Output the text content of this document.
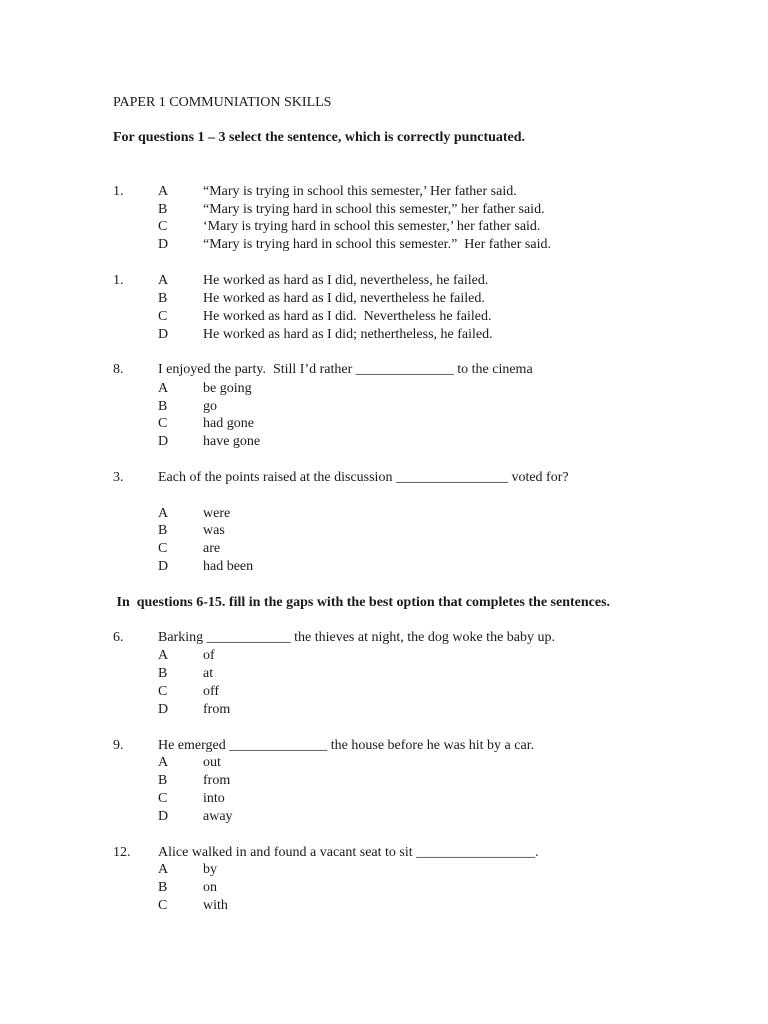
PAPER 1 COMMUNIATION SKILLS
For questions 1 – 3 select the sentence, which is correctly punctuated.
1. A “Mary is trying in school this semester,’ Her father said.
B	“Mary is trying hard in school this semester,” her father said.
C	‘Mary is trying hard in school this semester,’ her father said.
D “Mary is trying hard in school this semester.”  Her father said.
1. A He worked as hard as I did, nevertheless, he failed.
B	He worked as hard as I did, nevertheless he failed.
C	He worked as hard as I did.  Nevertheless he failed.
D He worked as hard as I did; nethertheless, he failed.
8. I enjoyed the party.  Still I’d rather ______________ to the cinema
A be going
B	go
C	had gone
D have gone
3. Each of the points raised at the discussion ________________ voted for?
A were
B	was
C	are
D had been
In  questions 6-15. fill in the gaps with the best option that completes the sentences.
6. Barking ____________ the thieves at night, the dog woke the baby up.
A of
B	at
C	off
D from
9. He emerged ______________ the house before he was hit by a car.
A out
B	from
C	into
D away
12. Alice walked in and found a vacant seat to sit _________________.
A by
B	on
C	with
